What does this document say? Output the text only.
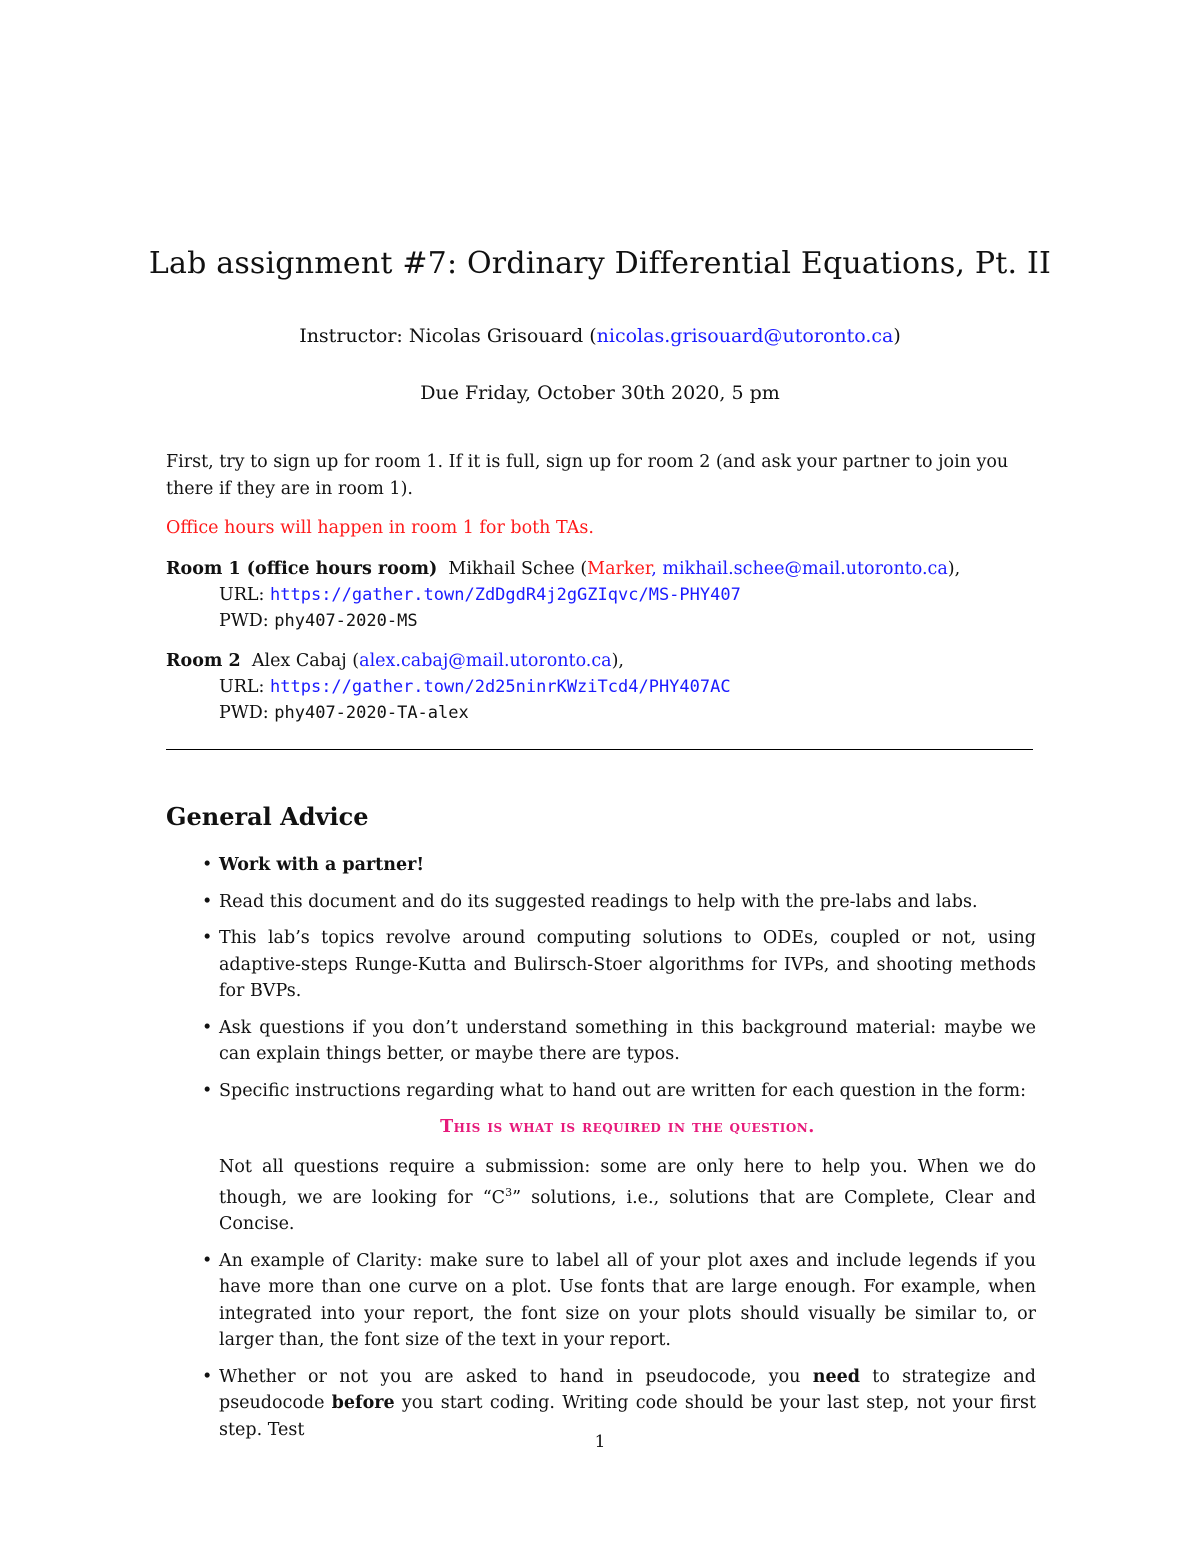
Lab assignment #7: Ordinary Differential Equations, Pt. II
Instructor: Nicolas Grisouard (nicolas.grisouard@utoronto.ca)
Due Friday, October 30th 2020, 5 pm
First, try to sign up for room 1. If it is full, sign up for room 2 (and ask your partner to join you there if they are in room 1).
Office hours will happen in room 1 for both TAs.
Room 1 (office hours room) Mikhail Schee (Marker, mikhail.schee@mail.utoronto.ca),
URL: https://gather.town/ZdDgdR4j2gGZIqvc/MS-PHY407
PWD: phy407-2020-MS
Room 2 Alex Cabaj (alex.cabaj@mail.utoronto.ca),
URL: https://gather.town/2d25ninrKWziTcd4/PHY407AC
PWD: phy407-2020-TA-alex
General Advice
• Work with a partner!
• Read this document and do its suggested readings to help with the pre-labs and labs.
• This lab’s topics revolve around computing solutions to ODEs, coupled or not, using adaptive-steps Runge-Kutta and Bulirsch-Stoer algorithms for IVPs, and shooting methods for BVPs.
• Ask questions if you don’t understand something in this background material: maybe we can explain things better, or maybe there are typos.
• Specific instructions regarding what to hand out are written for each question in the form:
This is what is required in the question.
Not all questions require a submission: some are only here to help you. When we do though, we are looking for “$C^3$” solutions, i.e., solutions that are Complete, Clear and Concise.
• An example of Clarity: make sure to label all of your plot axes and include legends if you have more than one curve on a plot. Use fonts that are large enough. For example, when integrated into your report, the font size on your plots should visually be similar to, or larger than, the font size of the text in your report.
• Whether or not you are asked to hand in pseudocode, you need to strategize and pseudocode before you start coding. Writing code should be your last step, not your first step. Test
1
